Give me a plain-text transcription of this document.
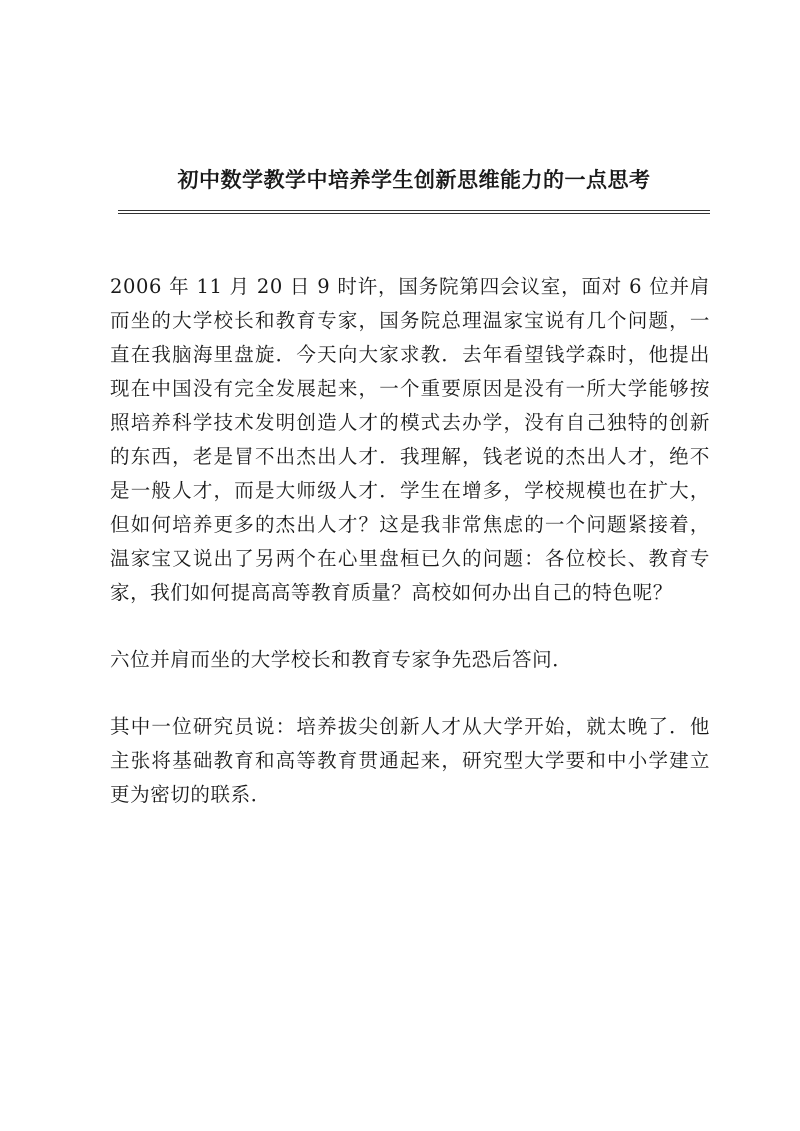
初中数学教学中培养学生创新思维能力的一点思考

2006 年 11 月 20 日 9 时许，国务院第四会议室，面对 6 位并肩而坐的大学校长和教育专家，国务院总理温家宝说有几个问题，一直在我脑海里盘旋．今天向大家求教．去年看望钱学森时，他提出现在中国没有完全发展起来，一个重要原因是没有一所大学能够按照培养科学技术发明创造人才的模式去办学，没有自己独特的创新的东西，老是冒不出杰出人才．我理解，钱老说的杰出人才，绝不是一般人才，而是大师级人才．学生在增多，学校规模也在扩大，但如何培养更多的杰出人才？这是我非常焦虑的一个问题紧接着，温家宝又说出了另两个在心里盘桓已久的问题：各位校长、教育专家，我们如何提高高等教育质量？高校如何办出自己的特色呢？

六位并肩而坐的大学校长和教育专家争先恐后答问．

其中一位研究员说：培养拔尖创新人才从大学开始，就太晚了．他主张将基础教育和高等教育贯通起来，研究型大学要和中小学建立更为密切的联系．
